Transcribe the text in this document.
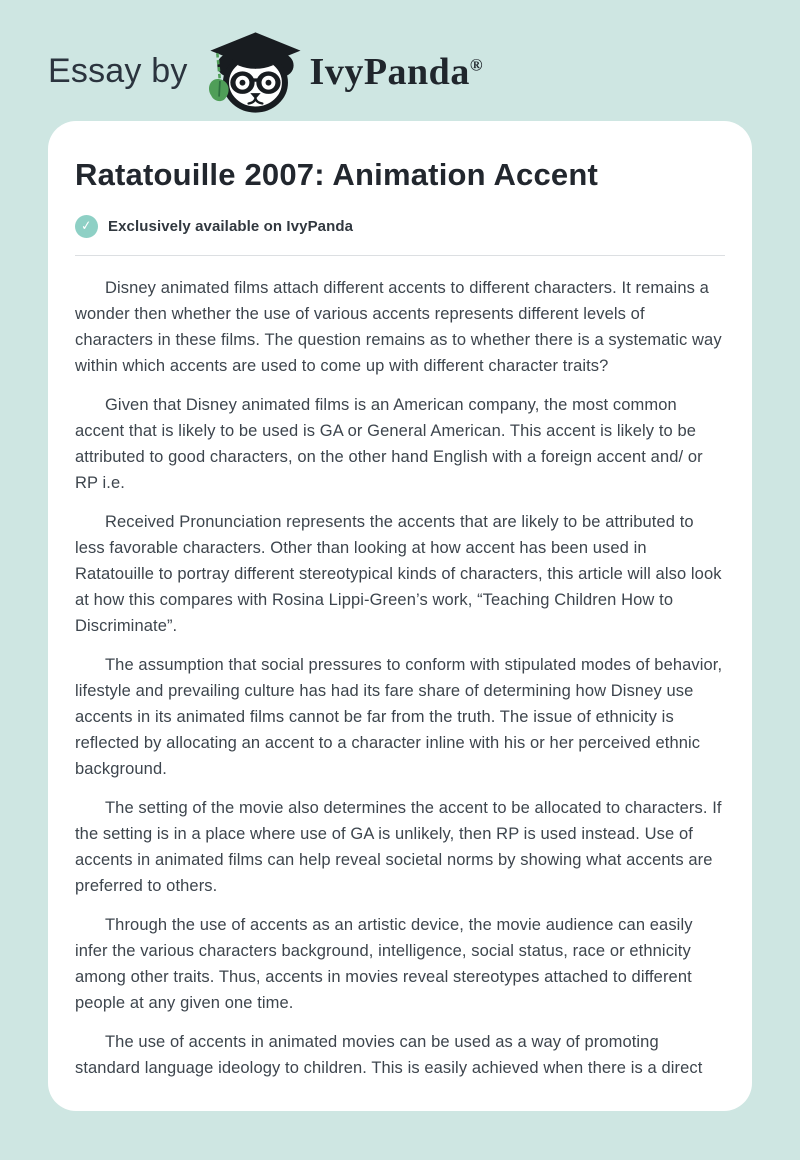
Essay by	IvyPanda®
Ratatouille 2007: Animation Accent
✓ Exclusively available on IvyPanda

Disney animated films attach different accents to different characters. It remains a wonder then whether the use of various accents represents different levels of characters in these films. The question remains as to whether there is a systematic way within which accents are used to come up with different character traits?

Given that Disney animated films is an American company, the most common accent that is likely to be used is GA or General American. This accent is likely to be attributed to good characters, on the other hand English with a foreign accent and/ or RP i.e.

Received Pronunciation represents the accents that are likely to be attributed to less favorable characters. Other than looking at how accent has been used in Ratatouille to portray different stereotypical kinds of characters, this article will also look at how this compares with Rosina Lippi-Green’s work, “Teaching Children How to Discriminate”.

The assumption that social pressures to conform with stipulated modes of behavior, lifestyle and prevailing culture has had its fare share of determining how Disney use accents in its animated films cannot be far from the truth. The issue of ethnicity is reflected by allocating an accent to a character inline with his or her perceived ethnic background.

The setting of the movie also determines the accent to be allocated to characters. If the setting is in a place where use of GA is unlikely, then RP is used instead. Use of accents in animated films can help reveal societal norms by showing what accents are preferred to others.

Through the use of accents as an artistic device, the movie audience can easily infer the various characters background, intelligence, social status, race or ethnicity among other traits. Thus, accents in movies reveal stereotypes attached to different people at any given one time.

The use of accents in animated movies can be used as a way of promoting standard language ideology to children. This is easily achieved when there is a direct
